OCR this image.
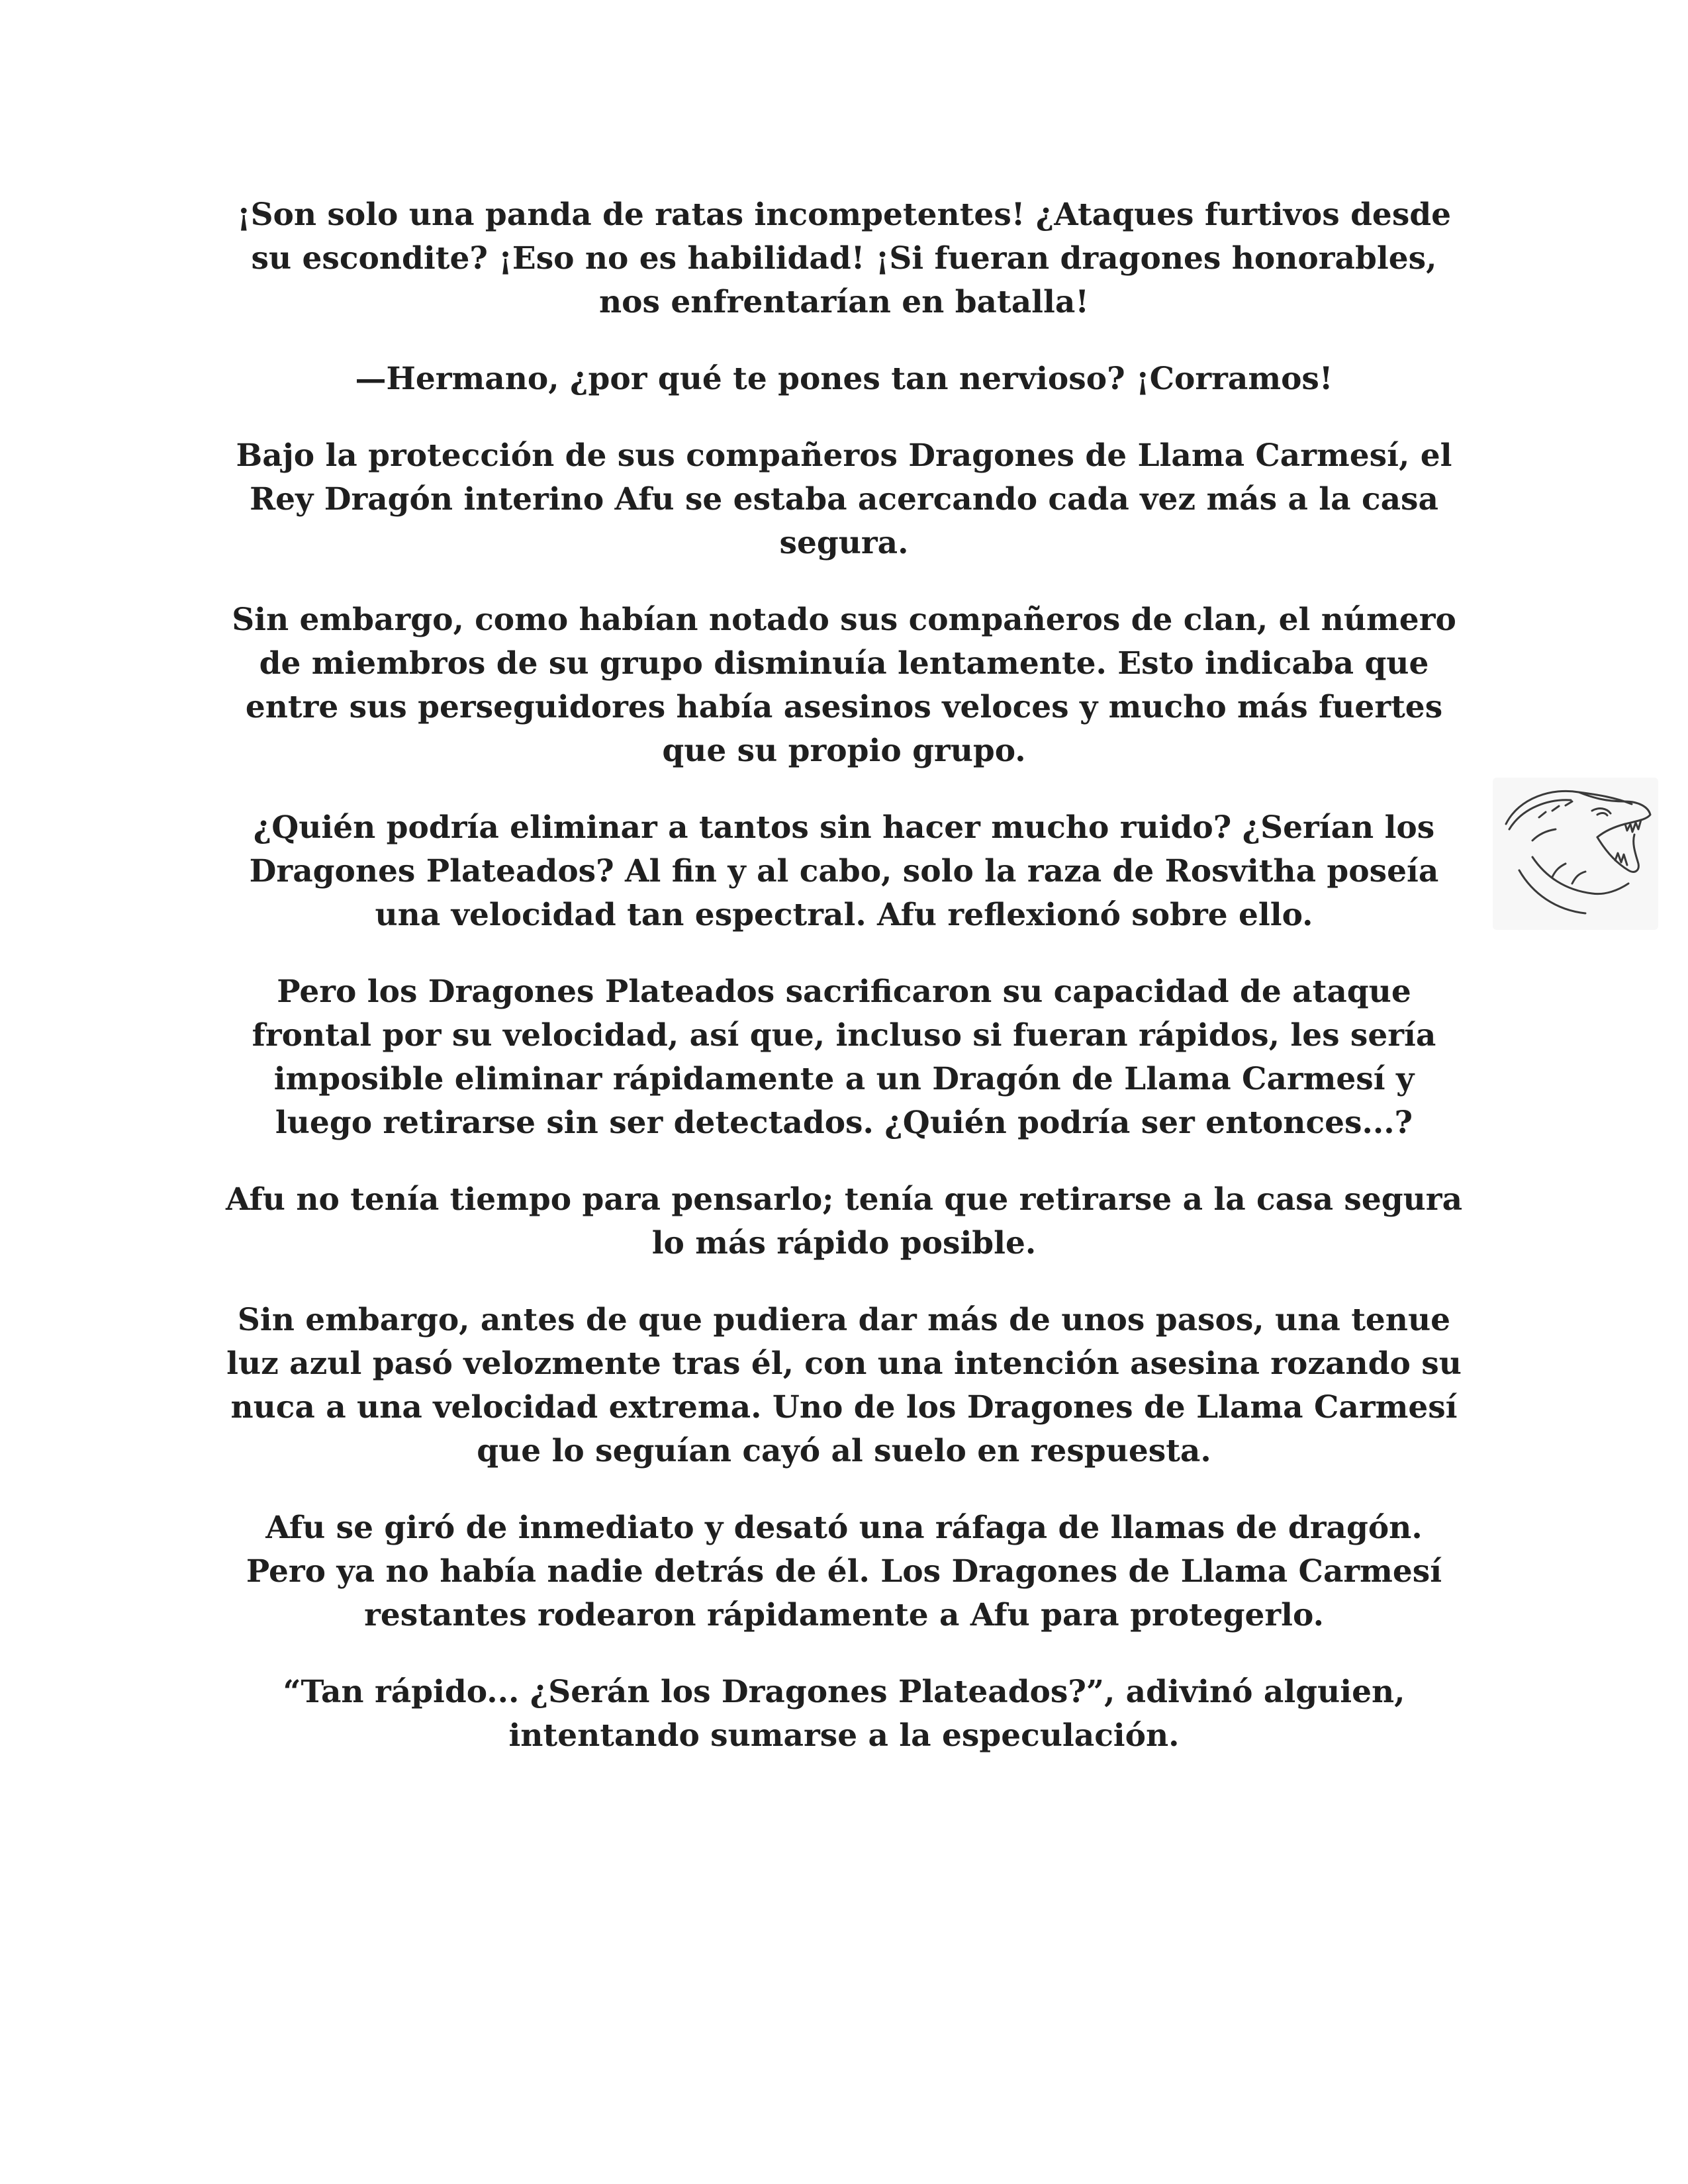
¡Son solo una panda de ratas incompetentes! ¿Ataques furtivos desde su escondite? ¡Eso no es habilidad! ¡Si fueran dragones honorables, nos enfrentarían en batalla!

—Hermano, ¿por qué te pones tan nervioso? ¡Corramos!

Bajo la protección de sus compañeros Dragones de Llama Carmesí, el Rey Dragón interino Afu se estaba acercando cada vez más a la casa segura.

Sin embargo, como habían notado sus compañeros de clan, el número de miembros de su grupo disminuía lentamente. Esto indicaba que entre sus perseguidores había asesinos veloces y mucho más fuertes que su propio grupo.

¿Quién podría eliminar a tantos sin hacer mucho ruido? ¿Serían los Dragones Plateados? Al fin y al cabo, solo la raza de Rosvitha poseía una velocidad tan espectral. Afu reflexionó sobre ello.

Pero los Dragones Plateados sacrificaron su capacidad de ataque frontal por su velocidad, así que, incluso si fueran rápidos, les sería imposible eliminar rápidamente a un Dragón de Llama Carmesí y luego retirarse sin ser detectados. ¿Quién podría ser entonces...?

Afu no tenía tiempo para pensarlo; tenía que retirarse a la casa segura lo más rápido posible.

Sin embargo, antes de que pudiera dar más de unos pasos, una tenue luz azul pasó velozmente tras él, con una intención asesina rozando su nuca a una velocidad extrema. Uno de los Dragones de Llama Carmesí que lo seguían cayó al suelo en respuesta.

Afu se giró de inmediato y desató una ráfaga de llamas de dragón. Pero ya no había nadie detrás de él. Los Dragones de Llama Carmesí restantes rodearon rápidamente a Afu para protegerlo.

“Tan rápido... ¿Serán los Dragones Plateados?”, adivinó alguien, intentando sumarse a la especulación.
